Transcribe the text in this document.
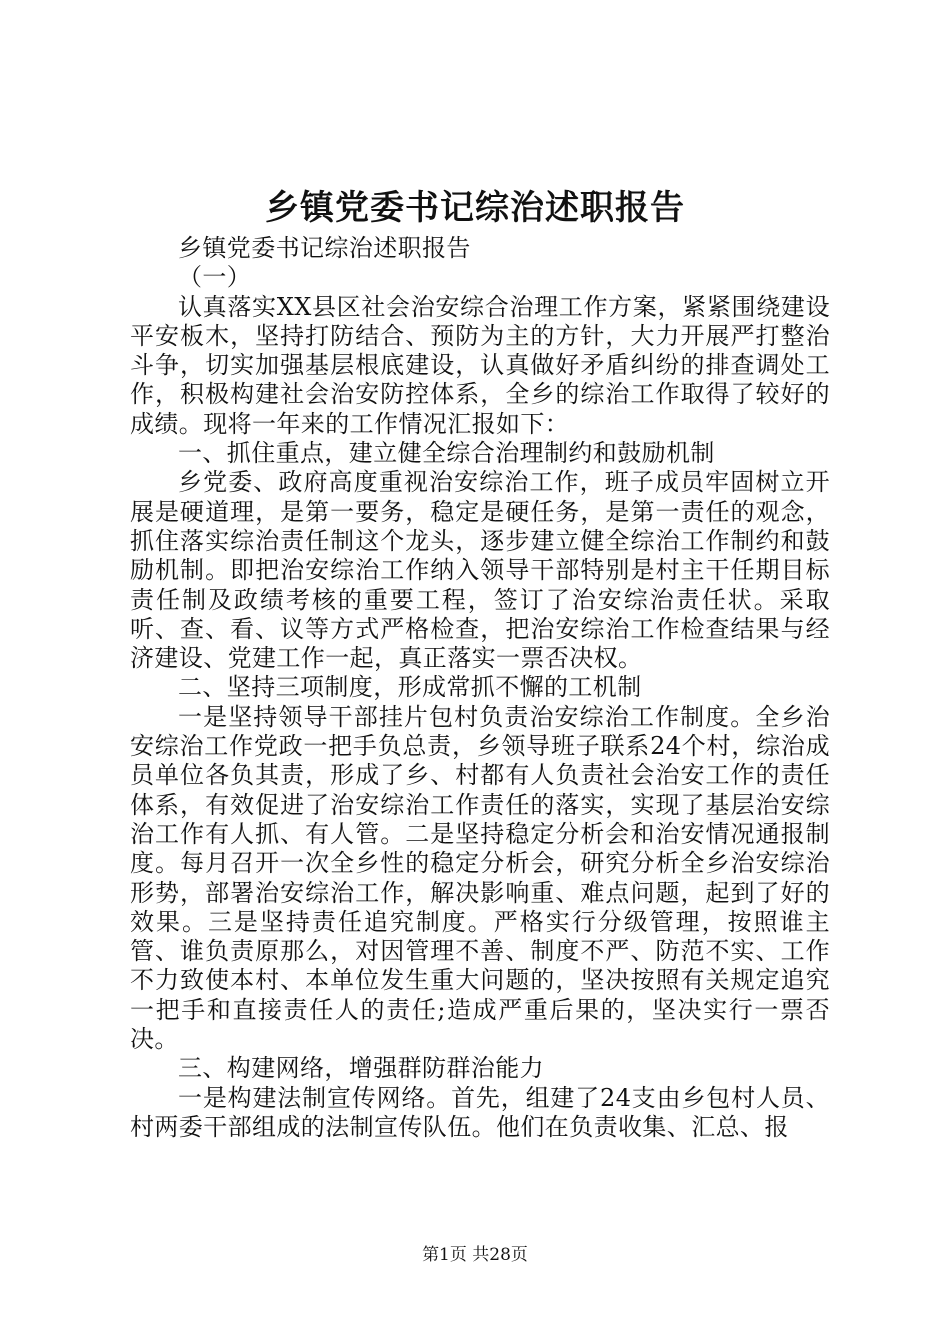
乡镇党委书记综治述职报告

乡镇党委书记综治述职报告

（一）

认真落实XX县区社会治安综合治理工作方案，紧紧围绕建设平安板木，坚持打防结合、预防为主的方针，大力开展严打整治斗争，切实加强基层根底建设，认真做好矛盾纠纷的排查调处工作，积极构建社会治安防控体系，全乡的综治工作取得了较好的成绩。现将一年来的工作情况汇报如下：

一、抓住重点，建立健全综合治理制约和鼓励机制

乡党委、政府高度重视治安综治工作，班子成员牢固树立开展是硬道理，是第一要务，稳定是硬任务，是第一责任的观念，抓住落实综治责任制这个龙头，逐步建立健全综治工作制约和鼓励机制。即把治安综治工作纳入领导干部特别是村主干任期目标责任制及政绩考核的重要工程，签订了治安综治责任状。采取听、查、看、议等方式严格检查，把治安综治工作检查结果与经济建设、党建工作一起，真正落实一票否决权。

二、坚持三项制度，形成常抓不懈的工机制

一是坚持领导干部挂片包村负责治安综治工作制度。全乡治安综治工作党政一把手负总责，乡领导班子联系24个村，综治成员单位各负其责，形成了乡、村都有人负责社会治安工作的责任体系，有效促进了治安综治工作责任的落实，实现了基层治安综治工作有人抓、有人管。二是坚持稳定分析会和治安情况通报制度。每月召开一次全乡性的稳定分析会，研究分析全乡治安综治形势，部署治安综治工作，解决影响重、难点问题，起到了好的效果。三是坚持责任追究制度。严格实行分级管理，按照谁主管、谁负责原那么，对因管理不善、制度不严、防范不实、工作不力致使本村、本单位发生重大问题的，坚决按照有关规定追究一把手和直接责任人的责任;造成严重后果的，坚决实行一票否决。

三、构建网络，增强群防群治能力

一是构建法制宣传网络。首先，组建了24支由乡包村人员、村两委干部组成的法制宣传队伍。他们在负责收集、汇总、报

第1页 共28页
